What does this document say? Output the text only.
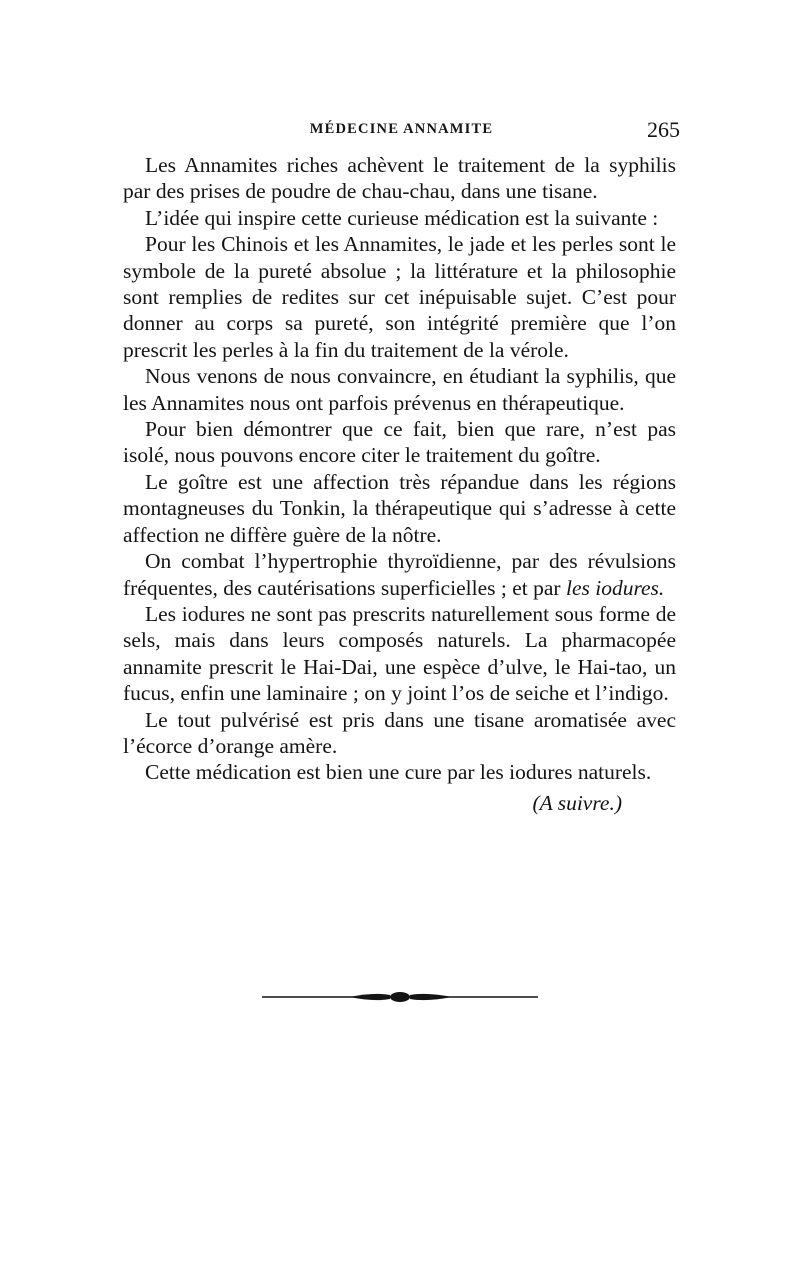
MÉDECINE ANNAMITE	265

Les Annamites riches achèvent le traitement de la syphilis par des prises de poudre de chau-chau, dans une tisane.

L’idée qui inspire cette curieuse médication est la suivante :

Pour les Chinois et les Annamites, le jade et les perles sont le symbole de la pureté absolue ; la littérature et la philosophie sont remplies de redites sur cet inépuisable sujet. C’est pour donner au corps sa pureté, son intégrité première que l’on prescrit les perles à la fin du traitement de la vérole.

Nous venons de nous convaincre, en étudiant la syphilis, que les Annamites nous ont parfois prévenus en thérapeutique.

Pour bien démontrer que ce fait, bien que rare, n’est pas isolé, nous pouvons encore citer le traitement du goître.

Le goître est une affection très répandue dans les régions montagneuses du Tonkin, la thérapeutique qui s’adresse à cette affection ne diffère guère de la nôtre.

On combat l’hypertrophie thyroïdienne, par des révulsions fréquentes, des cautérisations superficielles ; et par les iodures.

Les iodures ne sont pas prescrits naturellement sous forme de sels, mais dans leurs composés naturels. La pharmacopée annamite prescrit le Hai-Dai, une espèce d’ulve, le Hai-tao, un fucus, enfin une laminaire ; on y joint l’os de seiche et l’indigo.

Le tout pulvérisé est pris dans une tisane aromatisée avec l’écorce d’orange amère.

Cette médication est bien une cure par les iodures naturels.

(A suivre.)
